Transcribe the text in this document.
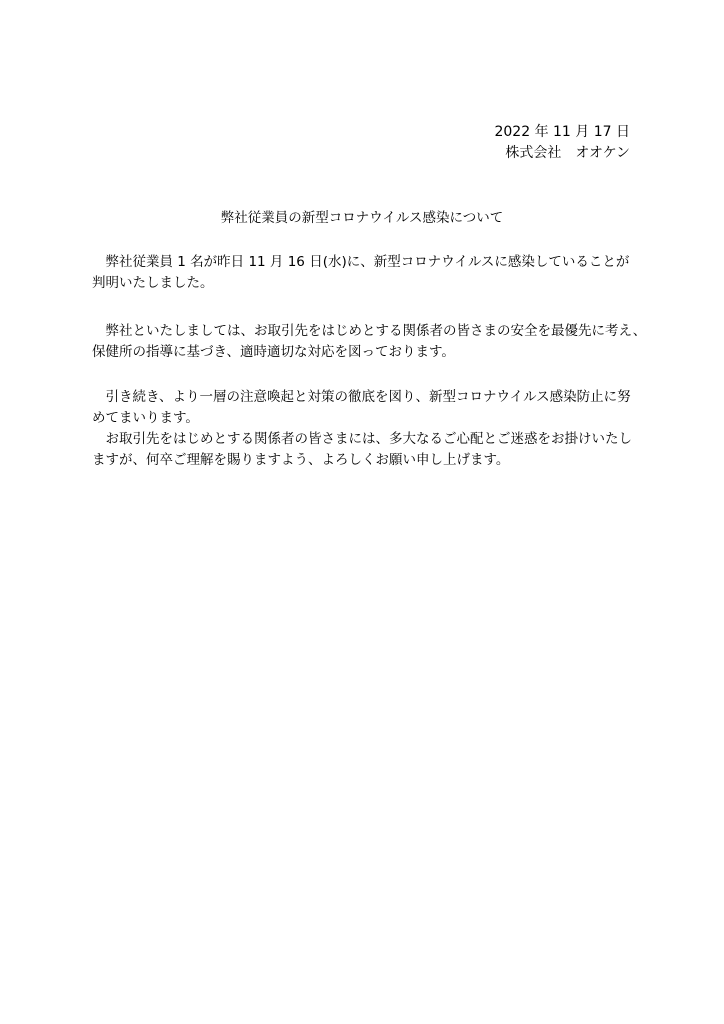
2022 年 11 月 17 日
株式会社　オオケン
弊社従業員の新型コロナウイルス感染について
　弊社従業員 1 名が昨日 11 月 16 日(水)に、新型コロナウイルスに感染していることが
判明いたしました。
　弊社といたしましては、お取引先をはじめとする関係者の皆さまの安全を最優先に考え、
保健所の指導に基づき、適時適切な対応を図っております。
　引き続き、より一層の注意喚起と対策の徹底を図り、新型コロナウイルス感染防止に努
めてまいります。
　お取引先をはじめとする関係者の皆さまには、多大なるご心配とご迷惑をお掛けいたし
ますが、何卒ご理解を賜りますよう、よろしくお願い申し上げます。
